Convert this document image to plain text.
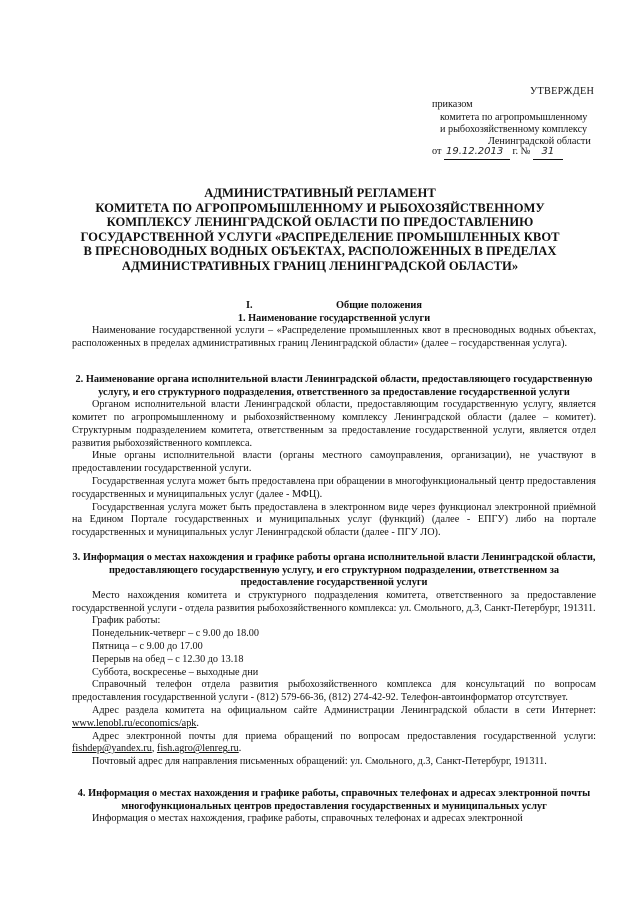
УТВЕРЖДЕН
приказом
комитета по агропромышленному
и рыбохозяйственному комплексу
Ленинградской области
от 19.12.2013 г. № 31
АДМИНИСТРАТИВНЫЙ РЕГЛАМЕНТ
КОМИТЕТА ПО АГРОПРОМЫШЛЕННОМУ И РЫБОХОЗЯЙСТВЕННОМУ
КОМПЛЕКСУ ЛЕНИНГРАДСКОЙ ОБЛАСТИ ПО ПРЕДОСТАВЛЕНИЮ
ГОСУДАРСТВЕННОЙ УСЛУГИ «РАСПРЕДЕЛЕНИЕ ПРОМЫШЛЕННЫХ КВОТ
В ПРЕСНОВОДНЫХ ВОДНЫХ ОБЪЕКТАХ, РАСПОЛОЖЕННЫХ В ПРЕДЕЛАХ
АДМИНИСТРАТИВНЫХ ГРАНИЦ ЛЕНИНГРАДСКОЙ ОБЛАСТИ»
I.	Общие положения
1. Наименование государственной услуги

Наименование государственной услуги – «Распределение промышленных квот в пресноводных водных объектах, расположенных в пределах административных границ Ленинградской области» (далее – государственная услуга).

2. Наименование органа исполнительной власти Ленинградской области, предоставляющего государственную услугу, и его структурного подразделения, ответственного за предоставление государственной услуги

Органом исполнительной власти Ленинградской области, предоставляющим государственную услугу, является комитет по агропромышленному и рыбохозяйственному комплексу Ленинградской области (далее – комитет). Структурным подразделением комитета, ответственным за предоставление государственной услуги, является отдел развития рыбохозяйственного комплекса.

Иные органы исполнительной власти (органы местного самоуправления, организации), не участвуют в предоставлении государственной услуги.

Государственная услуга может быть предоставлена при обращении в многофункциональный центр предоставления государственных и муниципальных услуг (далее - МФЦ).

Государственная услуга может быть предоставлена в электронном виде через функционал электронной приёмной на Едином Портале государственных и муниципальных услуг (функций) (далее - ЕПГУ) либо на портале государственных и муниципальных услуг Ленинградской области (далее - ПГУ ЛО).

3. Информация о местах нахождения и графике работы органа исполнительной власти Ленинградской области, предоставляющего государственную услугу, и его структурном подразделении, ответственном за предоставление государственной услуги

Место нахождения комитета и структурного подразделения комитета, ответственного за предоставление государственной услуги - отдела развития рыбохозяйственного комплекса: ул. Смольного, д.3, Санкт-Петербург, 191311.

График работы:

Понедельник-четверг – с 9.00 до 18.00

Пятница – с 9.00 до 17.00

Перерыв на обед – с 12.30 до 13.18

Суббота, воскресенье – выходные дни

Справочный телефон отдела развития рыбохозяйственного комплекса для консультаций по вопросам предоставления государственной услуги - (812) 579-66-36, (812) 274-42-92. Телефон-автоинформатор отсутствует.

Адрес раздела комитета на официальном сайте Администрации Ленинградской области в сети Интернет: www.lenobl.ru/economics/apk.

Адрес электронной почты для приема обращений по вопросам предоставления государственной услуги: fishdep@yandex.ru, fish.agro@lenreg.ru.

Почтовый адрес для направления письменных обращений: ул. Смольного, д.3, Санкт-Петербург, 191311.

4. Информация о местах нахождения и графике работы, справочных телефонах и адресах электронной почты многофункциональных центров предоставления государственных и муниципальных услуг

Информация о местах нахождения, графике работы, справочных телефонах и адресах электронной
